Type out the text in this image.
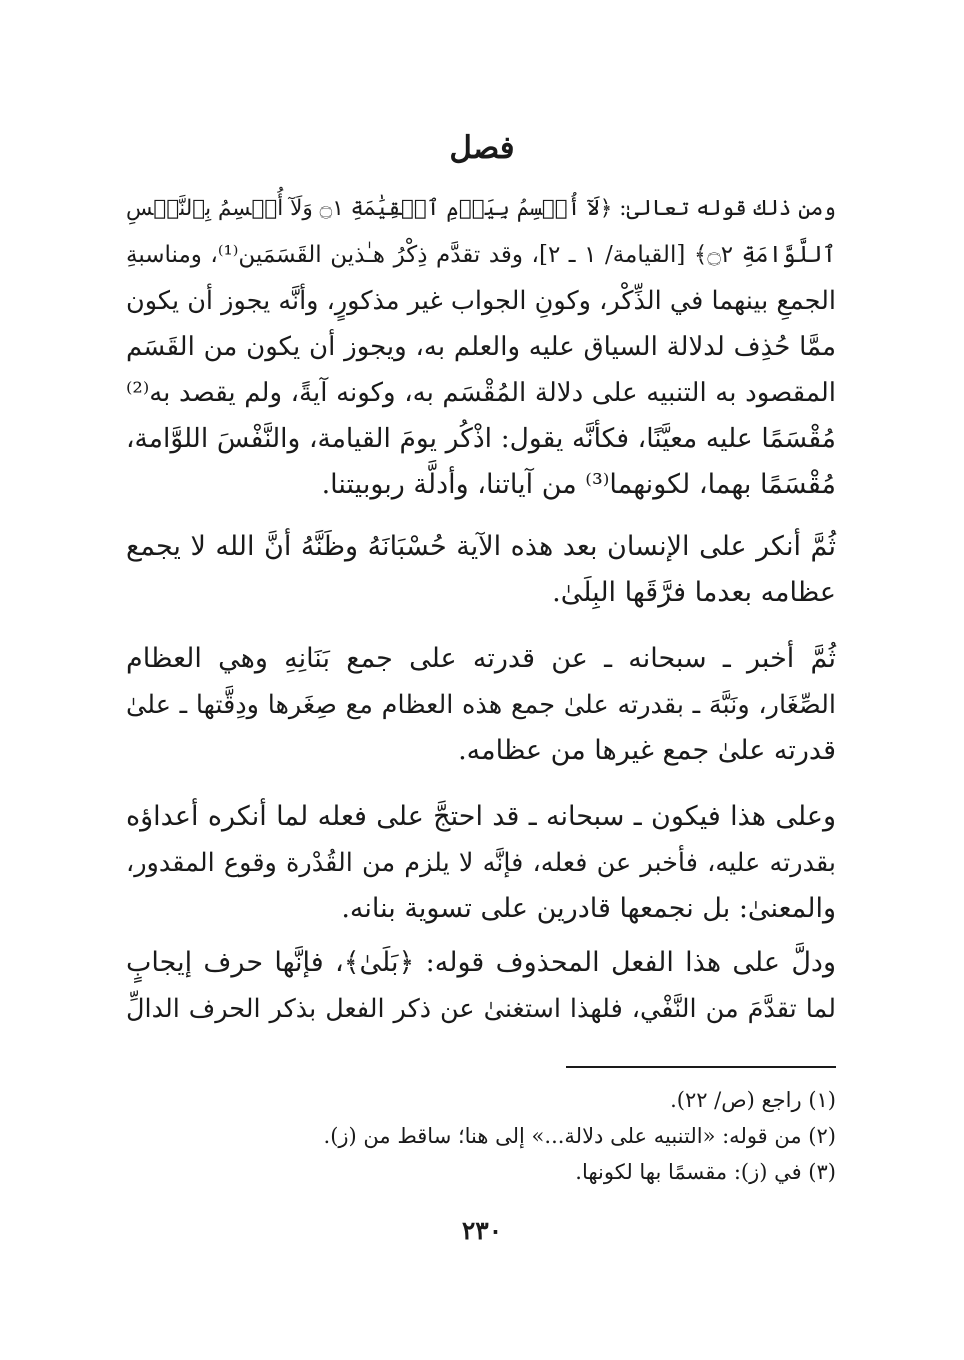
فصل
ومن ذلك قوله تعالىٰ: ﴿لَآ أُقۡسِمُ بِيَوۡمِ ٱلۡقِيَٰمَةِ ۝١ وَلَآ أُقۡسِمُ بِٱلنَّفۡسِ
ٱللَّوَّامَةِ ۝٢﴾ [القيامة/ ١ ـ ٢]، وقد تقدَّم ذِكْرُ هـٰذين القَسَمَين⁽¹⁾، ومناسبةِ
الجمعِ بينهما في الذِّكْر، وكونِ الجواب غير مذكورٍ، وأنَّه يجوز أن يكون
ممَّا حُذِف لدلالة السياق عليه والعلم به، ويجوز أن يكون من القَسَم
المقصود به التنبيه على دلالة المُقْسَم به، وكونه آيةً، ولم يقصد به⁽²⁾
مُقْسَمًا عليه معيَّنًا، فكأنَّه يقول: اذْكُر يومَ القيامة، والنَّفْسَ اللوَّامة،
مُقْسَمًا بهما، لكونهما⁽³⁾ من آياتنا، وأدلَّة ربوبيتنا.
ثُمَّ أنكر على الإنسان بعد هذه الآية حُسْبَانَهُ وظَنَّهُ أنَّ الله لا يجمع
عظامه بعدما فرَّقَها البِلَىٰ.
ثُمَّ أخبر ـ سبحانه ـ عن قدرته على جمع بَنَانِهِ وهي العظام
الصِّغَار، ونَبَّهَ ـ بقدرته علىٰ جمع هذه العظام مع صِغَرها ودِقَّتها ـ علىٰ
قدرته علىٰ جمع غيرها من عظامه.
وعلى هذا فيكون ـ سبحانه ـ قد احتجَّ على فعله لما أنكره أعداؤه
بقدرته عليه، فأخبر عن فعله، فإنَّه لا يلزم من القُدْرة وقوع المقدور،
والمعنىٰ: بل نجمعها قادرين على تسوية بنانه.
ودلَّ على هذا الفعل المحذوف قوله: ﴿بَلَىٰ﴾، فإنَّها حرف إيجابٍ
لما تقدَّمَ من النَّفْي، فلهذا استغنىٰ عن ذكر الفعل بذكر الحرف الدالِّ
(١) راجع (ص/ ٢٢).
(٢) من قوله: «التنبيه على دلالة...» إلى هنا؛ ساقط من (ز).
(٣) في (ز): مقسمًا بها لكونها.
٢٣٠
